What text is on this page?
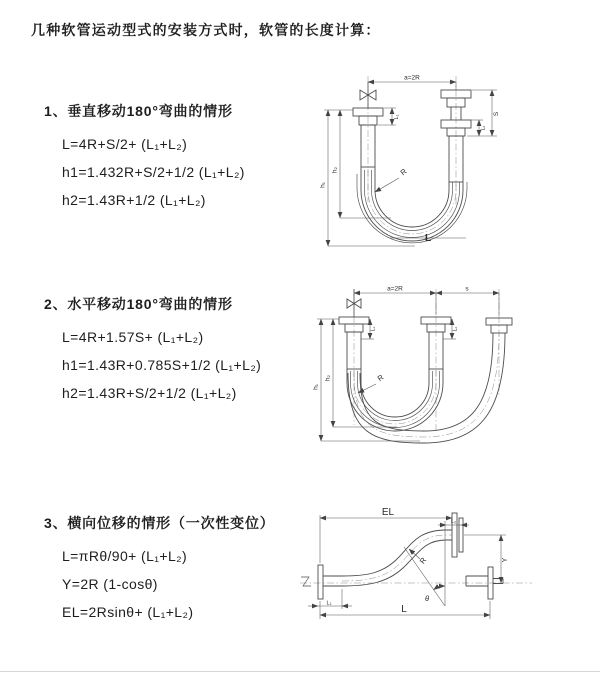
几种软管运动型式的安装方式时，软管的长度计算：
1、垂直移动180°弯曲的情形
L=4R+S/2+ (L₁+L₂)
h1=1.432R+S/2+1/2 (L₁+L₂)
h2=1.43R+1/2 (L₁+L₂)
2、水平移动180°弯曲的情形
L=4R+1.57S+ (L₁+L₂)
h1=1.43R+0.785S+1/2 (L₁+L₂)
h2=1.43R+S/2+1/2 (L₁+L₂)
3、横向位移的情形（一次性变位）
L=πRθ/90+ (L₁+L₂)
Y=2R (1-cosθ)
EL=2Rsinθ+ (L₁+L₂)
a=2R
h₁
h₂
L₁
S
L₂
R
L
a=2R	s
h₁
h₂
L₁	L₂
R
EL
L₂
Y
L
L₁
R
θ
